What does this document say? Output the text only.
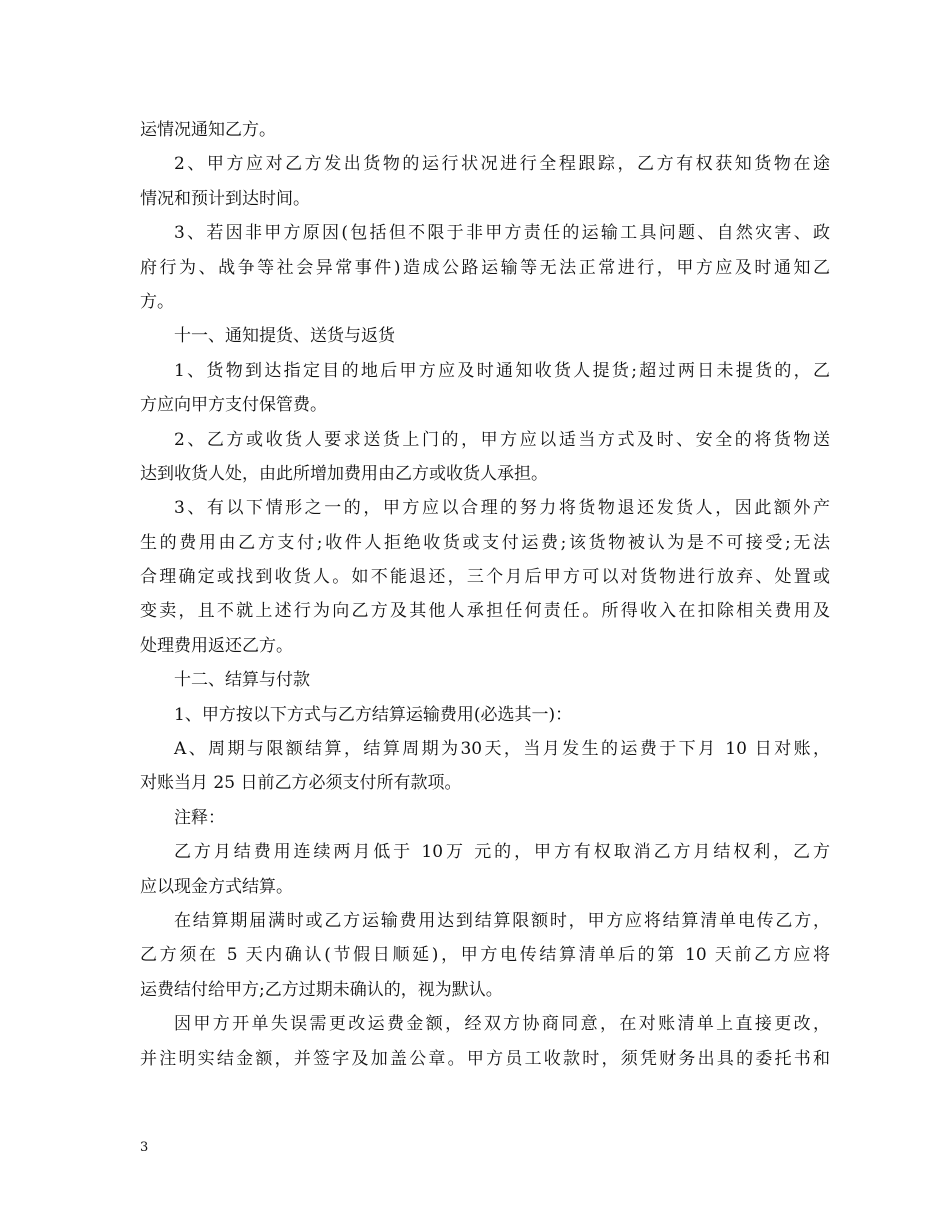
运情况通知乙方。
2、甲方应对乙方发出货物的运行状况进行全程跟踪，乙方有权获知货物在途
情况和预计到达时间。
3、若因非甲方原因(包括但不限于非甲方责任的运输工具问题、自然灾害、政
府行为、战争等社会异常事件)造成公路运输等无法正常进行，甲方应及时通知乙
方。
十一、通知提货、送货与返货
1、货物到达指定目的地后甲方应及时通知收货人提货;超过两日未提货的，乙
方应向甲方支付保管费。
2、乙方或收货人要求送货上门的，甲方应以适当方式及时、安全的将货物送
达到收货人处，由此所增加费用由乙方或收货人承担。
3、有以下情形之一的，甲方应以合理的努力将货物退还发货人，因此额外产
生的费用由乙方支付;收件人拒绝收货或支付运费;该货物被认为是不可接受;无法
合理确定或找到收货人。如不能退还，三个月后甲方可以对货物进行放弃、处置或
变卖，且不就上述行为向乙方及其他人承担任何责任。所得收入在扣除相关费用及
处理费用返还乙方。
十二、结算与付款
1、甲方按以下方式与乙方结算运输费用(必选其一)：
A、周期与限额结算，结算周期为30天，当月发生的运费于下月 10 日对账，
对账当月 25 日前乙方必须支付所有款项。
注释：
乙方月结费用连续两月低于 10万 元的，甲方有权取消乙方月结权利，乙方
应以现金方式结算。
在结算期届满时或乙方运输费用达到结算限额时，甲方应将结算清单电传乙方，
乙方须在 5 天内确认(节假日顺延)，甲方电传结算清单后的第 10 天前乙方应将
运费结付给甲方;乙方过期未确认的，视为默认。
因甲方开单失误需更改运费金额，经双方协商同意，在对账清单上直接更改，
并注明实结金额，并签字及加盖公章。甲方员工收款时，须凭财务出具的委托书和
3
